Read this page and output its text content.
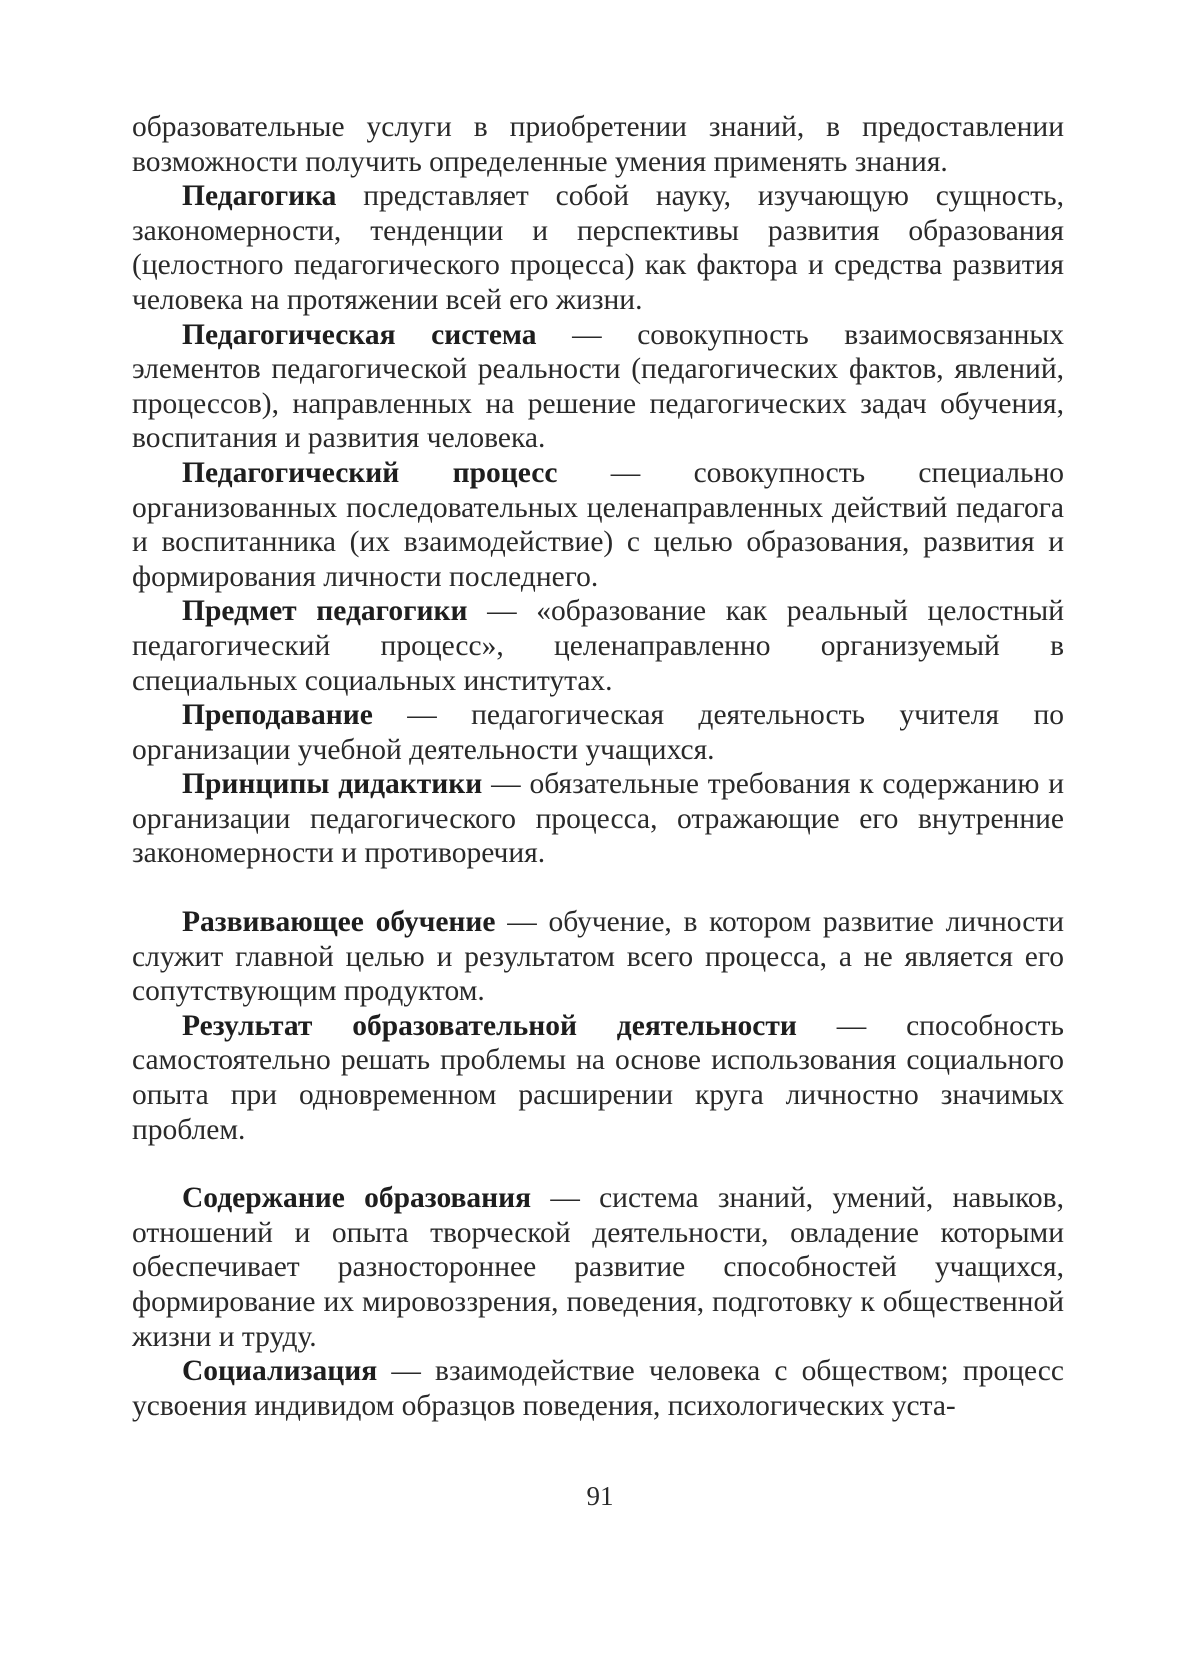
образовательные услуги в приобретении знаний, в предоставлении возможности получить определенные умения применять знания.

Педагогика представляет собой науку, изучающую сущность, закономерности, тенденции и перспективы развития образования (целостного педагогического процесса) как фактора и средства развития человека на протяжении всей его жизни.

Педагогическая система — совокупность взаимосвязанных элементов педагогической реальности (педагогических фактов, явлений, процессов), направленных на решение педагогических задач обучения, воспитания и развития человека.

Педагогический процесс — совокупность специально организованных последовательных целенаправленных действий педагога и воспитанника (их взаимодействие) с целью образования, развития и формирования личности последнего.

Предмет педагогики — «образование как реальный целостный педагогический процесс», целенаправленно организуемый в специальных социальных институтах.

Преподавание — педагогическая деятельность учителя по организации учебной деятельности учащихся.

Принципы дидактики — обязательные требования к содержанию и организации педагогического процесса, отражающие его внутренние закономерности и противоречия.

Развивающее обучение — обучение, в котором развитие личности служит главной целью и результатом всего процесса, а не является его сопутствующим продуктом.

Результат образовательной деятельности — способность самостоятельно решать проблемы на основе использования социального опыта при одновременном расширении круга личностно значимых проблем.

Содержание образования — система знаний, умений, навыков, отношений и опыта творческой деятельности, овладение которыми обеспечивает разностороннее развитие способностей учащихся, формирование их мировоззрения, поведения, подготовку к общественной жизни и труду.

Социализация — взаимодействие человека с обществом; процесс усвоения индивидом образцов поведения, психологических уста-

91
